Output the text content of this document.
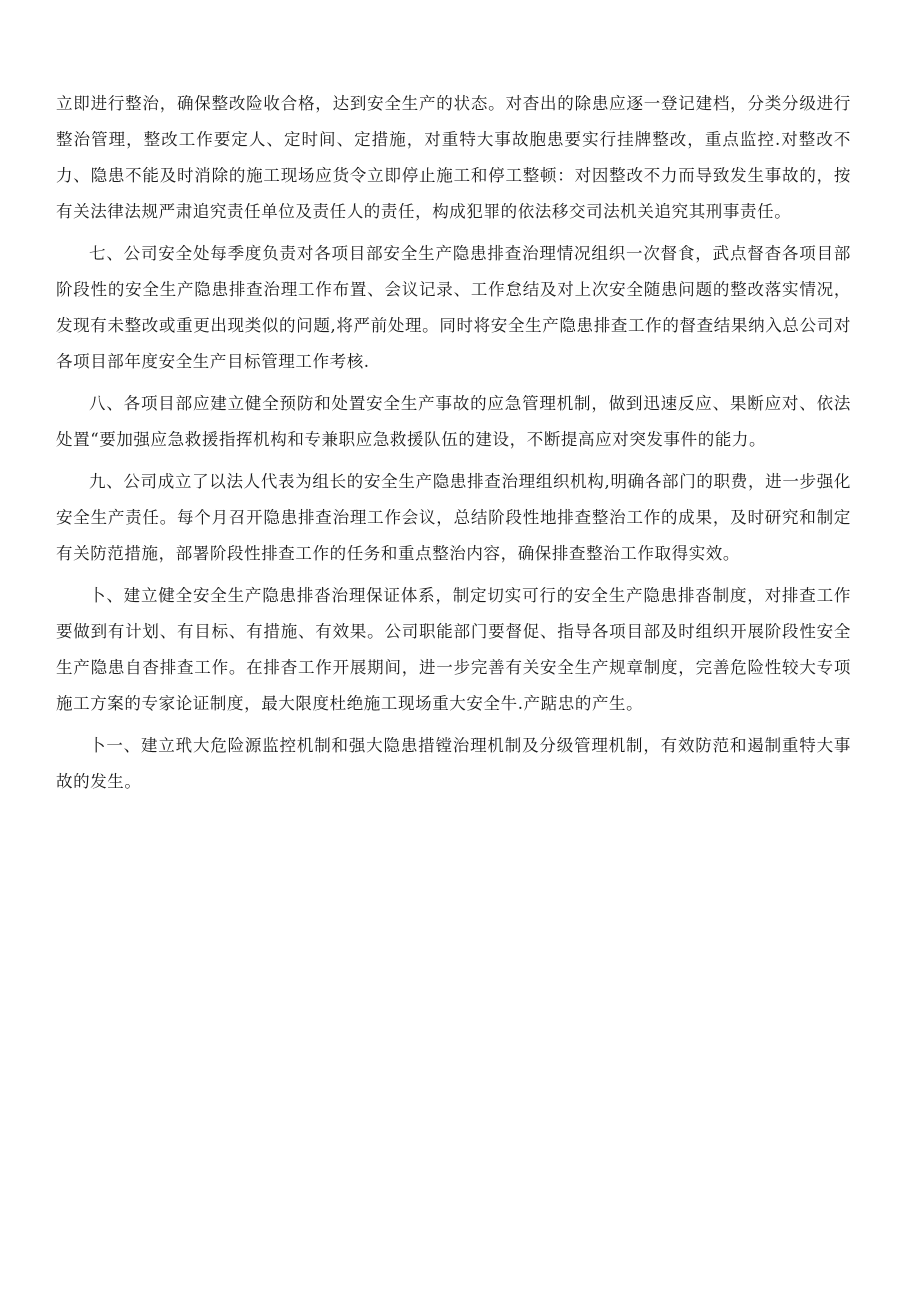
立即进行整治，确保整改险收合格，达到安全生产的状态。对杳出的除患应逐一登记建档，分类分级进行整治管理，整改工作要定人、定时间、定措施，对重特大事故胞患要实行挂牌整改，重点监控.对整改不力、隐患不能及时消除的施工现场应货令立即停止施工和停工整顿：对因整改不力而导致发生事故的，按有关法律法规严肃追究责任单位及责任人的责任，构成犯罪的依法移交司法机关追究其刑事责任。

七、公司安全处每季度负责对各项目部安全生产隐患排查治理情况组织一次督食，武点督杳各项目部阶段性的安全生产隐患排查治理工作布置、会议记录、工作怠结及对上次安全随患问题的整改落实情况，发现有未整改或重更出现类似的问题,将严前处理。同时将安全生产隐患排查工作的督查结果纳入总公司对各项目部年度安全生产目标管理工作考核.

八、各项目部应建立健全预防和处置安全生产事故的应急管理机制，做到迅速反应、果断应对、依法处置“要加强应急救援指挥机构和专兼职应急救援队伍的建设，不断提高应对突发事件的能力。

九、公司成立了以法人代表为组长的安全生产隐患排查治理组织机构,明确各部门的职费，进一步强化安全生产责任。每个月召开隐患排查治理工作会议，总结阶段性地排查整治工作的成果，及时研究和制定有关防范措施，部署阶段性排查工作的任务和重点整治内容，确保排查整治工作取得实效。

卜、建立健全安全生产隐患排沓治理保证体系，制定切实可行的安全生产隐患排沓制度，对排查工作要做到有计划、有目标、有措施、有效果。公司职能部门要督促、指导各项目部及时组织开展阶段性安全生产隐患自杳排查工作。在排杳工作开展期间，进一步完善有关安全生产规章制度，完善危险性较大专项施工方案的专家论证制度，最大限度杜绝施工现场重大安全牛.产踮忠的产生。

卜一、建立玳大危险源监控机制和强大隐患措镗治理机制及分级管理机制，有效防范和遏制重特大事故的发生。
